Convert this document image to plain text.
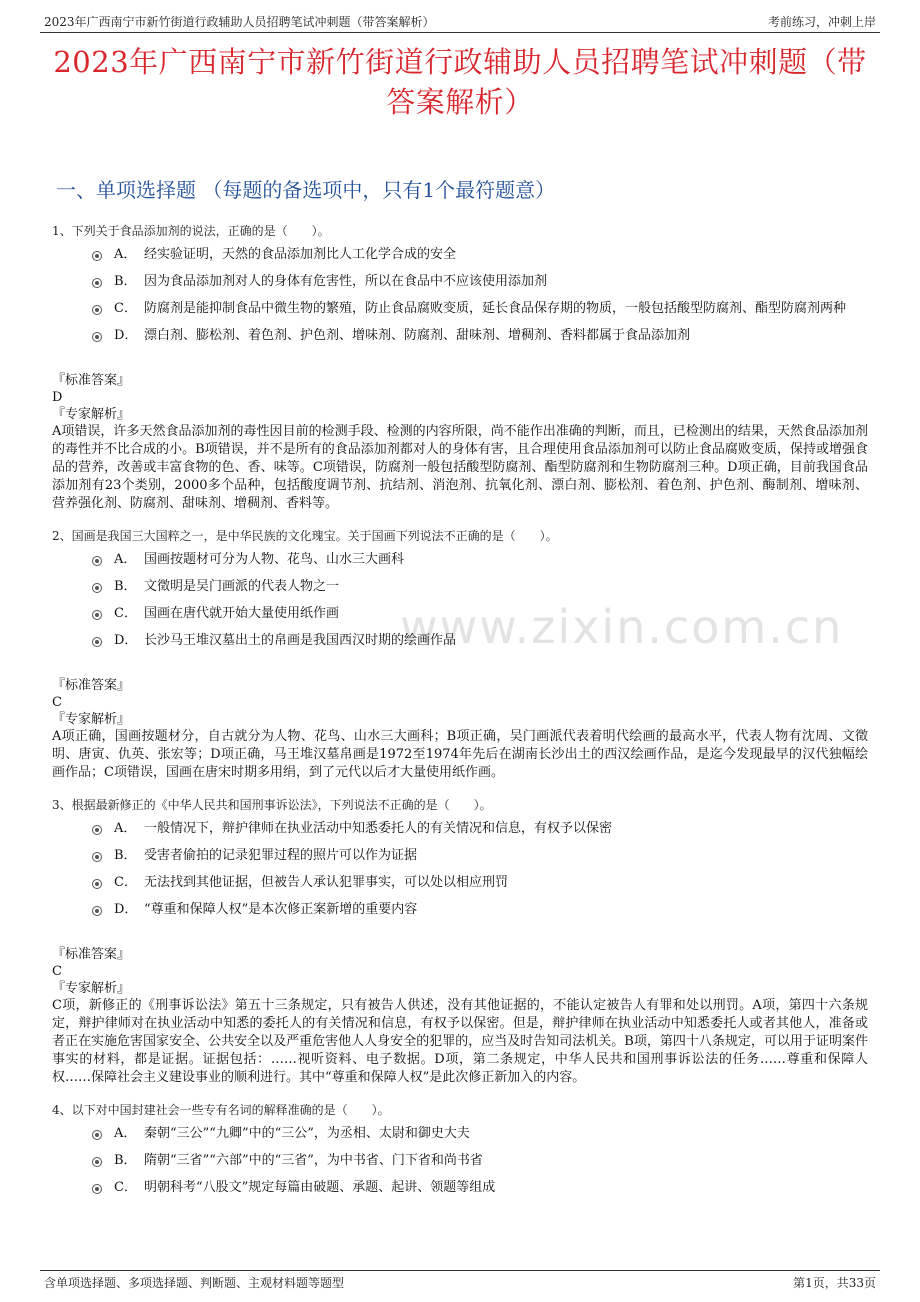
2023年广西南宁市新竹街道行政辅助人员招聘笔试冲刺题（带答案解析）	考前练习，冲刺上岸
2023年广西南宁市新竹街道行政辅助人员招聘笔试冲刺题（带答案解析）
一、单项选择题 （每题的备选项中，只有1个最符题意）
www.zixin.com.cn
1、下列关于食品添加剂的说法，正确的是（　　）。
A． 经实验证明，天然的食品添加剂比人工化学合成的安全
B． 因为食品添加剂对人的身体有危害性，所以在食品中不应该使用添加剂
C． 防腐剂是能抑制食品中微生物的繁殖，防止食品腐败变质，延长食品保存期的物质，一般包括酸型防腐剂、酯型防腐剂两种
D． 漂白剂、膨松剂、着色剂、护色剂、增味剂、防腐剂、甜味剂、增稠剂、香料都属于食品添加剂
『标准答案』
D
『专家解析』
A项错误，许多天然食品添加剂的毒性因目前的检测手段、检测的内容所限，尚不能作出准确的判断，而且，已检测出的结果，天然食品添加剂的毒性并不比合成的小。B项错误，并不是所有的食品添加剂都对人的身体有害，且合理使用食品添加剂可以防止食品腐败变质，保持或增强食品的营养，改善或丰富食物的色、香、味等。C项错误，防腐剂一般包括酸型防腐剂、酯型防腐剂和生物防腐剂三种。D项正确，目前我国食品添加剂有23个类别，2000多个品种，包括酸度调节剂、抗结剂、消泡剂、抗氧化剂、漂白剂、膨松剂、着色剂、护色剂、酶制剂、增味剂、营养强化剂、防腐剂、甜味剂、增稠剂、香料等。
2、国画是我国三大国粹之一，是中华民族的文化瑰宝。关于国画下列说法不正确的是（　　）。
A． 国画按题材可分为人物、花鸟、山水三大画科
B． 文徵明是吴门画派的代表人物之一
C． 国画在唐代就开始大量使用纸作画
D． 长沙马王堆汉墓出土的帛画是我国西汉时期的绘画作品
『标准答案』
C
『专家解析』
A项正确，国画按题材分，自古就分为人物、花鸟、山水三大画科；B项正确，吴门画派代表着明代绘画的最高水平，代表人物有沈周、文徵明、唐寅、仇英、张宏等；D项正确，马王堆汉墓帛画是1972至1974年先后在湖南长沙出土的西汉绘画作品，是迄今发现最早的汉代独幅绘画作品；C项错误，国画在唐宋时期多用绢，到了元代以后才大量使用纸作画。
3、根据最新修正的《中华人民共和国刑事诉讼法》，下列说法不正确的是（　　）。
A． 一般情况下，辩护律师在执业活动中知悉委托人的有关情况和信息，有权予以保密
B． 受害者偷拍的记录犯罪过程的照片可以作为证据
C． 无法找到其他证据，但被告人承认犯罪事实，可以处以相应刑罚
D． “尊重和保障人权”是本次修正案新增的重要内容
『标准答案』
C
『专家解析』
C项，新修正的《刑事诉讼法》第五十三条规定，只有被告人供述，没有其他证据的，不能认定被告人有罪和处以刑罚。A项，第四十六条规定，辩护律师对在执业活动中知悉的委托人的有关情况和信息，有权予以保密。但是，辩护律师在执业活动中知悉委托人或者其他人，准备或者正在实施危害国家安全、公共安全以及严重危害他人人身安全的犯罪的，应当及时告知司法机关。B项，第四十八条规定，可以用于证明案件事实的材料，都是证据。证据包括：……视听资料、电子数据。D项，第二条规定，中华人民共和国刑事诉讼法的任务……尊重和保障人权……保障社会主义建设事业的顺利进行。其中“尊重和保障人权”是此次修正新加入的内容。
4、以下对中国封建社会一些专有名词的解释准确的是（　　）。
A． 秦朝“三公”“九卿”中的“三公”，为丞相、太尉和御史大夫
B． 隋朝“三省”“六部”中的“三省”，为中书省、门下省和尚书省
C． 明朝科考“八股文”规定每篇由破题、承题、起讲、领题等组成
含单项选择题、多项选择题、判断题、主观材料题等题型	第1页，共33页
